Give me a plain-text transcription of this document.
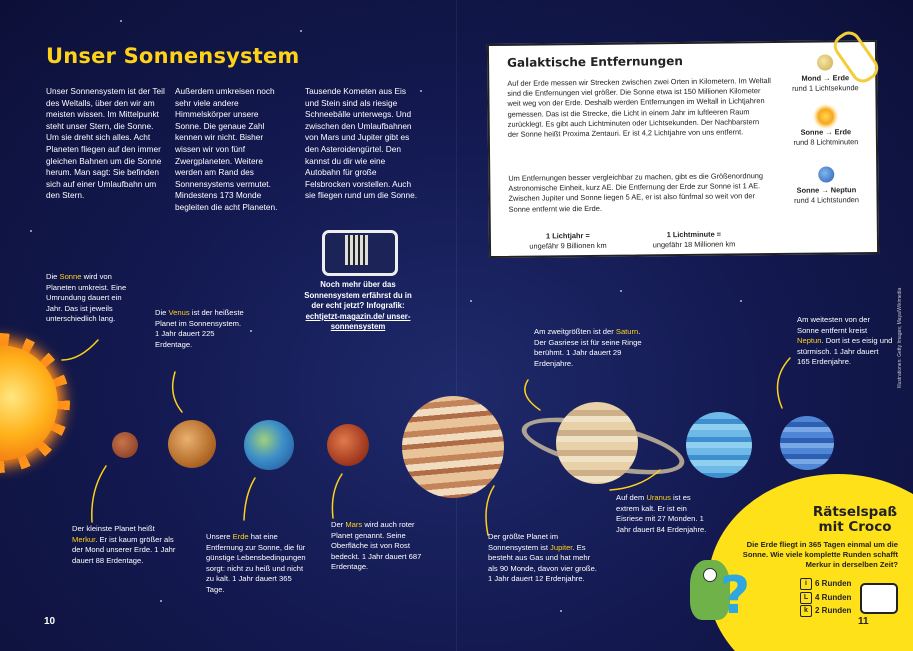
Unser Sonnensystem
Unser Sonnensystem ist der Teil des Weltalls, über den wir am meisten wissen. Im Mittelpunkt steht unser Stern, die Sonne. Um sie dreht sich alles. Acht Planeten fliegen auf den immer gleichen Bahnen um die Sonne herum. Man sagt: Sie befinden sich auf einer Umlaufbahn um den Stern.
Außerdem umkreisen noch sehr viele andere Himmelskörper unsere Sonne. Die genaue Zahl kennen wir nicht. Bisher wissen wir von fünf Zwergplaneten. Weitere werden am Rand des Sonnensystems vermutet. Mindestens 173 Monde begleiten die acht Planeten.
Tausende Kometen aus Eis und Stein sind als riesige Schneebälle unterwegs. Und zwischen den Umlaufbahnen von Mars und Jupiter gibt es den Asteroidengürtel. Den kannst du dir wie eine Autobahn für große Felsbrocken vorstellen. Auch sie fliegen rund um die Sonne.
Galaktische Entfernungen
Auf der Erde messen wir Strecken zwischen zwei Orten in Kilometern. Im Weltall sind die Entfernungen viel größer. Die Sonne etwa ist 150 Millionen Kilometer weit weg von der Erde. Deshalb werden Entfernungen im Weltall in Lichtjahren gemessen. Das ist die Strecke, die Licht in einem Jahr im luftleeren Raum zurücklegt. Es gibt auch Lichtminuten oder Lichtsekunden. Der Nachbarstern der Sonne heißt Proxima Zentauri. Er ist 4,2 Lichtjahre von uns entfernt.
Um Entfernungen besser vergleichbar zu machen, gibt es die Größenordnung Astronomische Einheit, kurz AE. Die Entfernung der Erde zur Sonne ist 1 AE. Zwischen Jupiter und Sonne liegen 5 AE, er ist also fünfmal so weit von der Sonne entfernt wie die Erde.
1 Lichtjahr =
ungefähr 9 Billionen km
1 Lichtminute =
ungefähr 18 Millionen km
Mond → Erde
rund 1 Lichtsekunde
Sonne → Erde
rund 8 Lichtminuten
Sonne → Neptun
rund 4 Lichtstunden
Noch mehr über das Sonnensystem erfährst du in der echt jetzt? Infografik:
echtjetzt-magazin.de/ unser-sonnensystem
Die Sonne wird von Planeten umkreist. Eine Umrundung dauert ein Jahr. Das ist jeweils unterschiedlich lang.
Die Venus ist der heißeste Planet im Sonnensystem. 1 Jahr dauert 225 Erdentage.
Der kleinste Planet heißt Merkur. Er ist kaum größer als der Mond unserer Erde. 1 Jahr dauert 88 Erdentage.
Unsere Erde hat eine Entfernung zur Sonne, die für günstige Lebensbedingungen sorgt: nicht zu heiß und nicht zu kalt. 1 Jahr dauert 365 Tage.
Der Mars wird auch roter Planet genannt. Seine Oberfläche ist von Rost bedeckt. 1 Jahr dauert 687 Erdentage.
Der größte Planet im Sonnensystem ist Jupiter. Es besteht aus Gas und hat mehr als 90 Monde, davon vier große. 1 Jahr dauert 12 Erdenjahre.
Am zweitgrößten ist der Saturn. Der Gasriese ist für seine Ringe berühmt. 1 Jahr dauert 29 Erdenjahre.
Auf dem Uranus ist es extrem kalt. Er ist ein Eisriese mit 27 Monden. 1 Jahr dauert 84 Erdenjahre.
Am weitesten von der Sonne entfernt kreist Neptun. Dort ist es eisig und stürmisch. 1 Jahr dauert 165 Erdenjahre.	Illustrationen: Getty Images; Maya/Wikimedia
Rätselspaß mit Croco
Die Erde fliegt in 365 Tagen einmal um die Sonne. Wie viele komplette Runden schafft Merkur in derselben Zeit?
i 6 Runden
L 4 Runden
k 2 Runden
?
10	11
